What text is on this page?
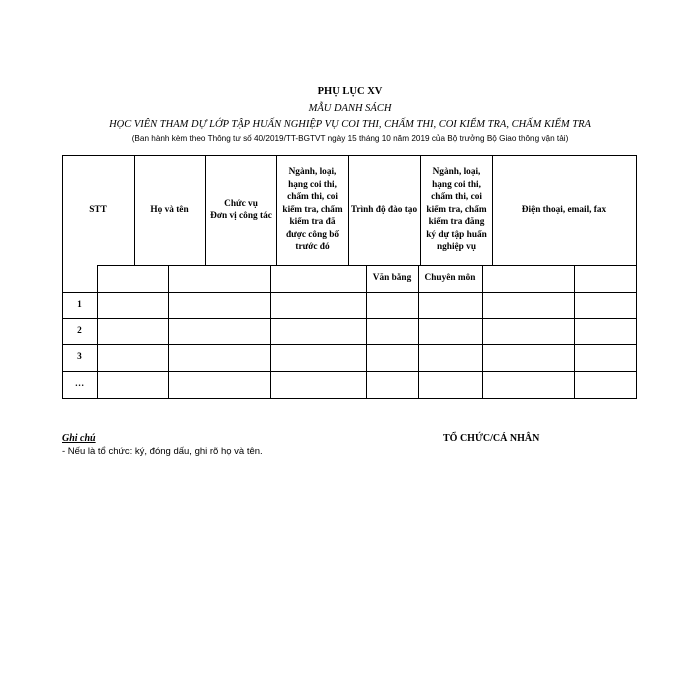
PHỤ LỤC XV
MẪU DANH SÁCH
HỌC VIÊN THAM DỰ LỚP TẬP HUẤN NGHIỆP VỤ COI THI, CHẤM THI, COI KIỂM TRA, CHẤM KIỂM TRA
(Ban hành kèm theo Thông tư số 40/2019/TT-BGTVT ngày 15 tháng 10 năm 2019 của Bộ trưởng Bộ Giao thông vận tải)
STT	Họ và tên
Chức vụ
Đơn vị công tác
Ngành, loại, hạng coi thi, chấm thi, coi kiểm tra, chấm kiểm tra đã được công bố trước đó
Trình độ đào tạo
Ngành, loại, hạng coi thi, chấm thi, coi kiểm tra, chấm kiểm tra đăng ký dự tập huấn nghiệp vụ
Điện thoại, email, fax
Văn bằng	Chuyên môn
1
2
3
…
Ghi chú
- Nếu là tổ chức: ký, đóng dấu, ghi rõ họ và tên.
TỔ CHỨC/CÁ NHÂN
